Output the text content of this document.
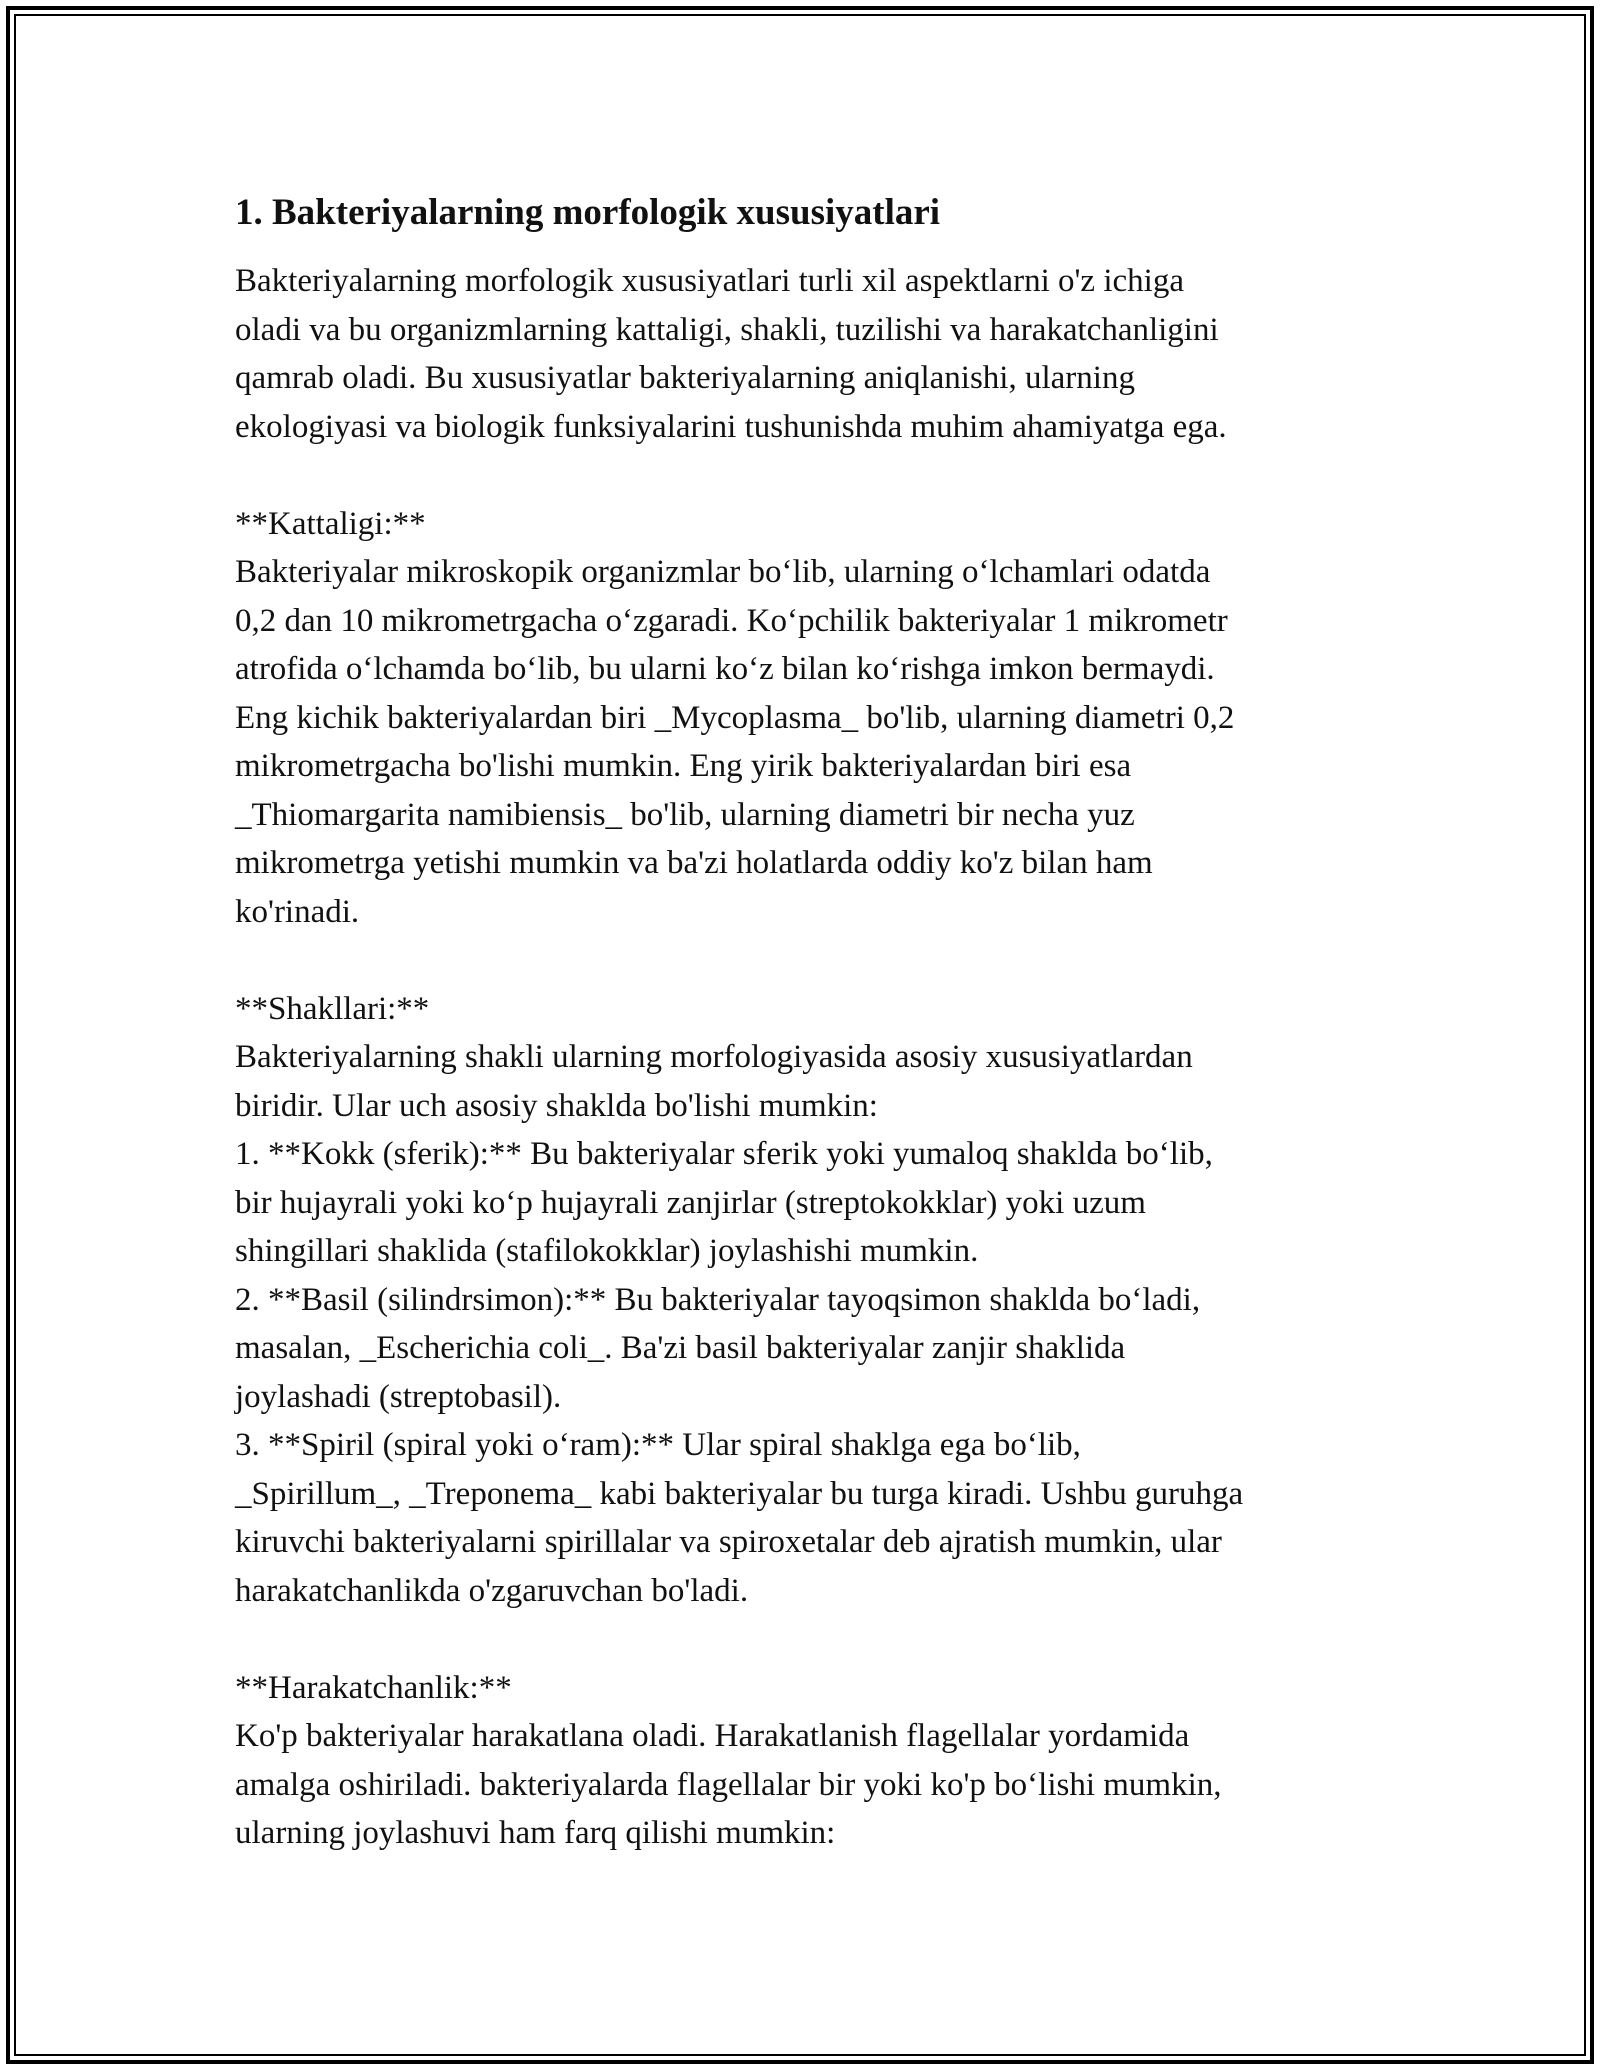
1. Bakteriyalarning morfologik xususiyatlari
Bakteriyalarning morfologik xususiyatlari turli xil aspektlarni o'z ichiga
oladi va bu organizmlarning kattaligi, shakli, tuzilishi va harakatchanligini
qamrab oladi. Bu xususiyatlar bakteriyalarning aniqlanishi, ularning
ekologiyasi va biologik funksiyalarini tushunishda muhim ahamiyatga ega.
**Kattaligi:**
Bakteriyalar mikroskopik organizmlar bo‘lib, ularning o‘lchamlari odatda
0,2 dan 10 mikrometrgacha o‘zgaradi. Ko‘pchilik bakteriyalar 1 mikrometr
atrofida o‘lchamda bo‘lib, bu ularni ko‘z bilan ko‘rishga imkon bermaydi.
Eng kichik bakteriyalardan biri _Mycoplasma_ bo'lib, ularning diametri 0,2
mikrometrgacha bo'lishi mumkin. Eng yirik bakteriyalardan biri esa
_Thiomargarita namibiensis_ bo'lib, ularning diametri bir necha yuz
mikrometrga yetishi mumkin va ba'zi holatlarda oddiy ko'z bilan ham
ko'rinadi.
**Shakllari:**
Bakteriyalarning shakli ularning morfologiyasida asosiy xususiyatlardan
biridir. Ular uch asosiy shaklda bo'lishi mumkin:
1. **Kokk (sferik):** Bu bakteriyalar sferik yoki yumaloq shaklda bo‘lib,
bir hujayrali yoki ko‘p hujayrali zanjirlar (streptokokklar) yoki uzum
shingillari shaklida (stafilokokklar) joylashishi mumkin.
2. **Basil (silindrsimon):** Bu bakteriyalar tayoqsimon shaklda bo‘ladi,
masalan, _Escherichia coli_. Ba'zi basil bakteriyalar zanjir shaklida
joylashadi (streptobasil).
3. **Spiril (spiral yoki o‘ram):** Ular spiral shaklga ega bo‘lib,
_Spirillum_, _Treponema_ kabi bakteriyalar bu turga kiradi. Ushbu guruhga
kiruvchi bakteriyalarni spirillalar va spiroxetalar deb ajratish mumkin, ular
harakatchanlikda o'zgaruvchan bo'ladi.
**Harakatchanlik:**
Ko'p bakteriyalar harakatlana oladi. Harakatlanish flagellalar yordamida
amalga oshiriladi. bakteriyalarda flagellalar bir yoki ko'p bo‘lishi mumkin,
ularning joylashuvi ham farq qilishi mumkin:
